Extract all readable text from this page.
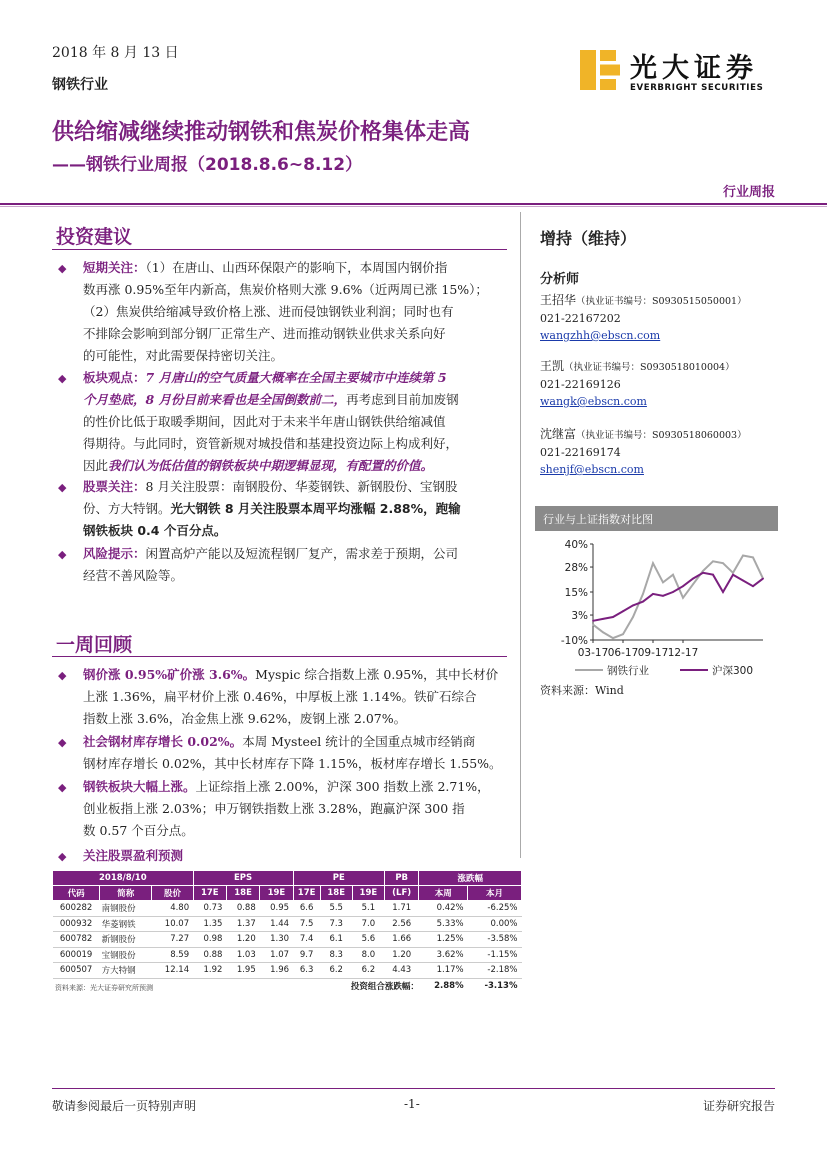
2018 年 8 月 13 日
钢铁行业
光大证券
EVERBRIGHT SECURITIES
供给缩减继续推动钢铁和焦炭价格集体走高
——钢铁行业周报（2018.8.6~8.12）
行业周报
投资建议
◆ 短期关注：（1）在唐山、山西环保限产的影响下，本周国内钢价指
数再涨 0.95%至年内新高，焦炭价格则大涨 9.6%（近两周已涨 15%）；
（2）焦炭供给缩减导致价格上涨、进而侵蚀钢铁业利润；同时也有
不排除会影响到部分钢厂正常生产、进而推动钢铁业供求关系向好
的可能性，对此需要保持密切关注。
◆ 板块观点：7 月唐山的空气质量大概率在全国主要城市中连续第 5
个月垫底，8 月份目前来看也是全国倒数前二，再考虑到目前加废钢
的性价比低于取暖季期间，因此对于未来半年唐山钢铁供给缩减值
得期待。与此同时，资管新规对城投借和基建投资边际上构成利好，
因此我们认为低估值的钢铁板块中期逻辑显现，有配置的价值。
◆ 股票关注：8 月关注股票：南钢股份、华菱钢铁、新钢股份、宝钢股
份、方大特钢。光大钢铁 8 月关注股票本周平均涨幅 2.88%，跑输
钢铁板块 0.4 个百分点。
◆ 风险提示：闲置高炉产能以及短流程钢厂复产，需求差于预期，公司
经营不善风险等。
一周回顾
◆ 钢价涨 0.95%矿价涨 3.6%。Myspic 综合指数上涨 0.95%，其中长材价
上涨 1.36%，扁平材价上涨 0.46%，中厚板上涨 1.14%。铁矿石综合
指数上涨 3.6%，冶金焦上涨 9.62%，废钢上涨 2.07%。
◆ 社会钢材库存增长 0.02%。本周 Mysteel 统计的全国重点城市经销商
钢材库存增长 0.02%，其中长材库存下降 1.15%，板材库存增长 1.55%。
◆ 钢铁板块大幅上涨。上证综指上涨 2.00%，沪深 300 指数上涨 2.71%，
创业板指上涨 2.03%；申万钢铁指数上涨 3.28%，跑赢沪深 300 指
数 0.57 个百分点。
◆ 关注股票盈利预测
增持（维持）
分析师
王招华（执业证书编号：S0930515050001）
021-22167202
wangzhh@ebscn.com
王凯（执业证书编号：S0930518010004）
021-22169126
wangk@ebscn.com
沈继富（执业证书编号：S0930518060003）
021-22169174
shenjf@ebscn.com
行业与上证指数对比图
40%
28%
15%
3%
-10%
03-17 06-17 09-17 12-17
钢铁行业	沪深300
资料来源：Wind
2018/8/10			EPS			PE			PB	涨跌幅	
代码	简称	股价	17E	18E	19E	17E	18E	19E	(LF)	本周	本月
600282	南钢股份	4.80	0.73	0.88	0.95	6.6	5.5	5.1	1.71	0.42%	-6.25%
000932	华菱钢铁	10.07	1.35	1.37	1.44	7.5	7.3	7.0	2.56	5.33%	0.00%
600782	新钢股份	7.27	0.98	1.20	1.30	7.4	6.1	5.6	1.66	1.25%	-3.58%
600019	宝钢股份	8.59	0.88	1.03	1.07	9.7	8.3	8.0	1.20	3.62%	-1.15%
600507	方大特钢	12.14	1.92	1.95	1.96	6.3	6.2	6.2	4.43	1.17%	-2.18%
							投资组合涨跌幅：			2.88%	-3.13%
资料来源：光大证券研究所预测
敬请参阅最后一页特别声明	-1-	证券研究报告
